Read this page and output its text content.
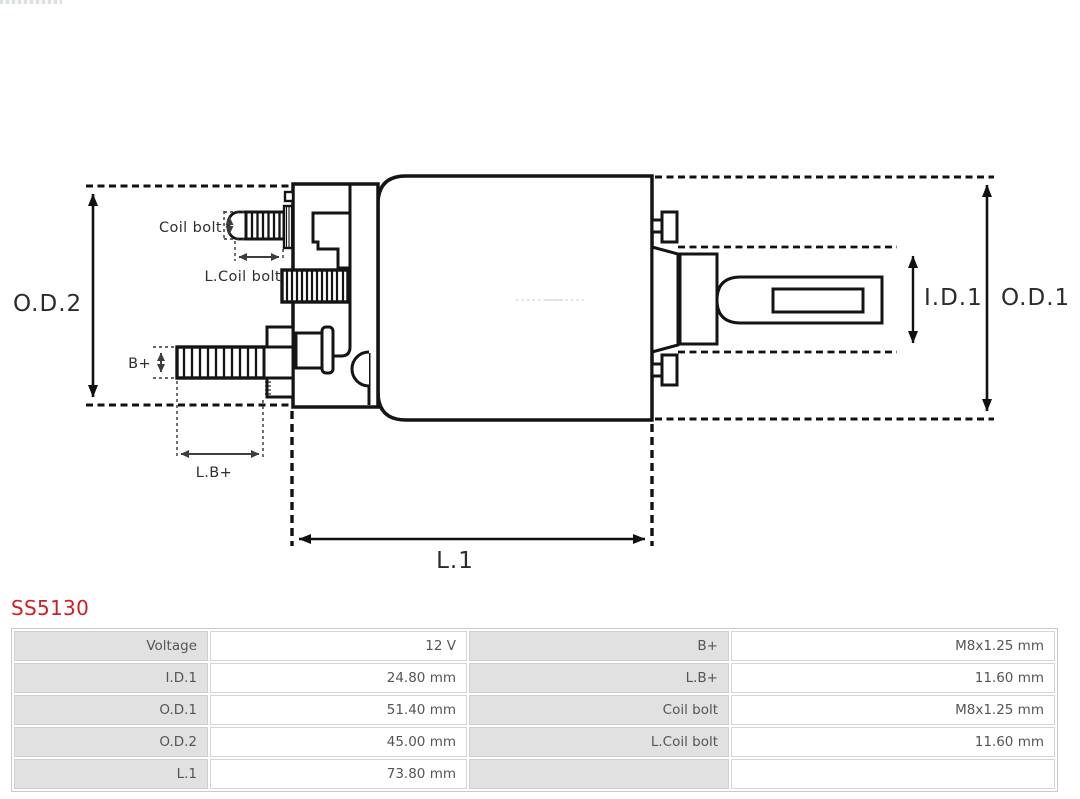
O.D.2
Coil bolt
L.Coil bolt
B+
L.B+
I.D.1 O.D.1
L.1
SS5130
Voltage	12 V	B+	M8x1.25 mm
I.D.1	24.80 mm	L.B+	11.60 mm
O.D.1	51.40 mm	Coil bolt	M8x1.25 mm
O.D.2	45.00 mm	L.Coil bolt	11.60 mm
L.1	73.80 mm
